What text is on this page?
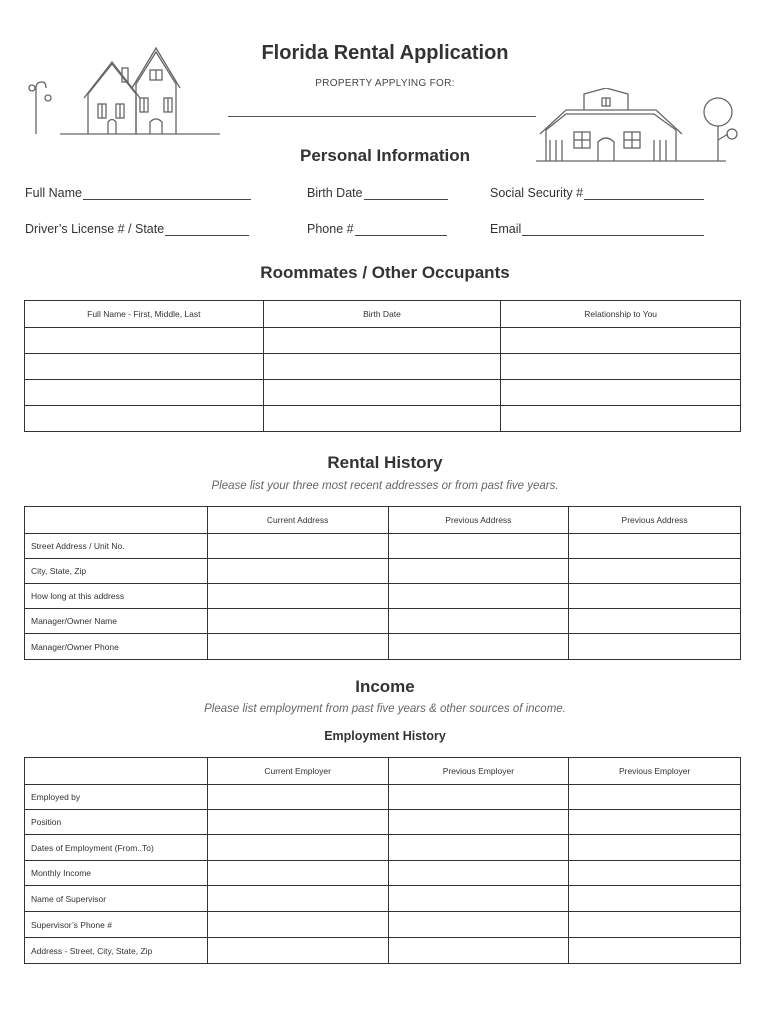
Florida Rental Application
PROPERTY APPLYING FOR:
Personal Information
Full Name	Birth Date	Social Security #
Driver’s License # / State	Phone #	Email
Roommates / Other Occupants
Full Name - First, Middle, Last	Birth Date	Relationship to You

Rental History
Please list your three most recent addresses or from past five years.
	Current Address	Previous Address	Previous Address
Street Address / Unit No.			
City, State, Zip			
How long at this address			
Manager/Owner Name			
Manager/Owner Phone			
Income
Please list employment from past five years & other sources of income.
Employment History
	Current Employer	Previous Employer	Previous Employer
Employed by			
Position			
Dates of Employment (From..To)			
Monthly Income			
Name of Supervisor			
Supervisor’s Phone #			
Address - Street, City, State, Zip			
